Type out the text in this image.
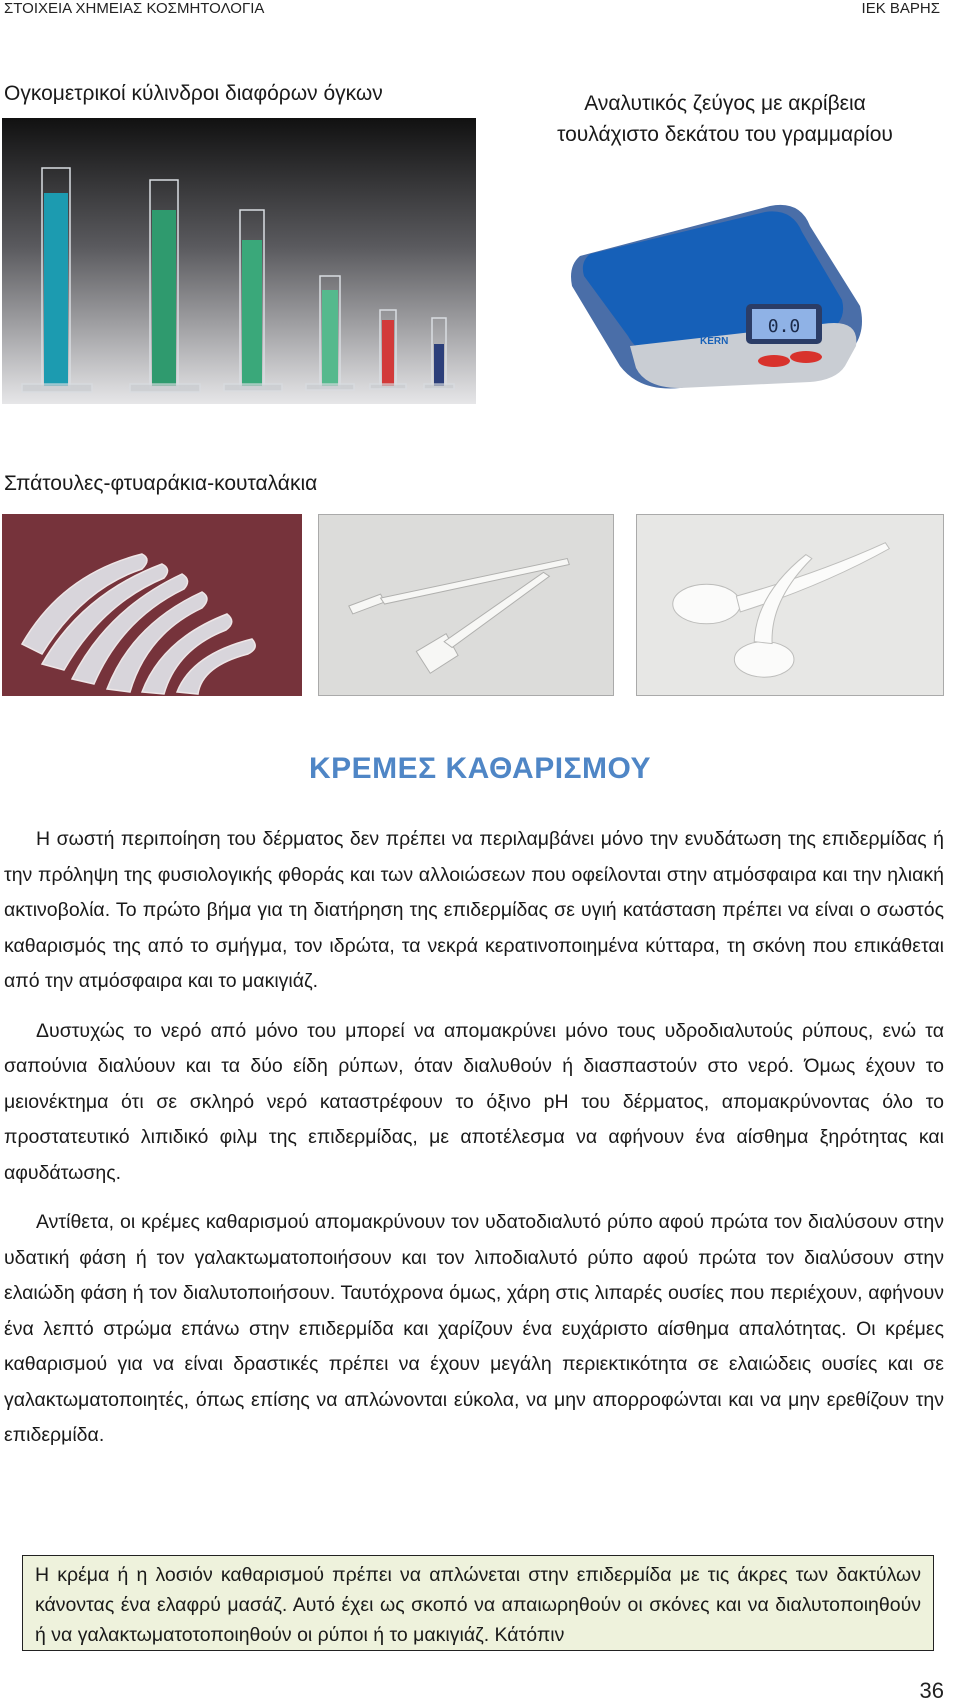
ΣΤΟΙΧΕΙΑ ΧΗΜΕΙΑΣ ΚΟΣΜΗΤΟΛΟΓΙΑ	ΙΕΚ ΒΑΡΗΣ
Ογκομετρικοί κύλινδροι διαφόρων όγκων	Αναλυτικός ζεύγος με ακρίβεια
τουλάχιστο δεκάτου του γραμμαρίου
0.0
KERN
Σπάτουλες-φτυαράκια-κουταλάκια
ΚΡΕΜΕΣ ΚΑΘΑΡΙΣΜΟΥ

Η σωστή περιποίηση του δέρματος δεν πρέπει να περιλαμβάνει μόνο την ενυδάτωση της επιδερμίδας ή την πρόληψη της φυσιολογικής φθοράς και των αλλοιώσεων που οφείλονται στην ατμόσφαιρα και την ηλιακή ακτινοβολία. Το πρώτο βήμα για τη διατήρηση της επιδερμίδας σε υγιή κατάσταση πρέπει να είναι ο σωστός καθαρισμός της από το σμήγμα, τον ιδρώτα, τα νεκρά κερατινοποιημένα κύτταρα, τη σκόνη που επικάθεται από την ατμόσφαιρα και το μακιγιάζ.

Δυστυχώς το νερό από μόνο του μπορεί να απομακρύνει μόνο τους υδροδιαλυτούς ρύπους, ενώ τα σαπούνια διαλύουν και τα δύο είδη ρύπων, όταν διαλυθούν ή διασπαστούν στο νερό. Όμως έχουν το μειονέκτημα ότι σε σκληρό νερό καταστρέφουν το όξινο pH του δέρματος, απομακρύνοντας όλο το προστατευτικό λιπιδικό φιλμ της επιδερμίδας, με αποτέλεσμα να αφήνουν ένα αίσθημα ξηρότητας και αφυδάτωσης.

Αντίθετα, οι κρέμες καθαρισμού απομακρύνουν τον υδατοδιαλυτό ρύπο αφού πρώτα τον διαλύσουν στην υδατική φάση ή τον γαλακτωματοποιήσουν και τον λιποδιαλυτό ρύπο αφού πρώτα τον διαλύσουν στην ελαιώδη φάση ή τον διαλυτοποιήσουν. Ταυτόχρονα όμως, χάρη στις λιπαρές ουσίες που περιέχουν, αφήνουν ένα λεπτό στρώμα επάνω στην επιδερμίδα και χαρίζουν ένα ευχάριστο αίσθημα απαλότητας. Οι κρέμες καθαρισμού για να είναι δραστικές πρέπει να έχουν μεγάλη περιεκτικότητα σε ελαιώδεις ουσίες και σε γαλακτωματοποιητές, όπως επίσης να απλώνονται εύκολα, να μην απορροφώνται και να μην ερεθίζουν την επιδερμίδα.

Η κρέμα ή η λοσιόν καθαρισμού πρέπει να απλώνεται στην επιδερμίδα με τις άκρες των δακτύλων κάνοντας ένα ελαφρύ μασάζ. Αυτό έχει ως σκοπό να απαιωρηθούν οι σκόνες και να διαλυτοποιηθούν ή να γαλακτωματοτοποιηθούν οι ρύποι ή το μακιγιάζ. Κάτόπιν
36
